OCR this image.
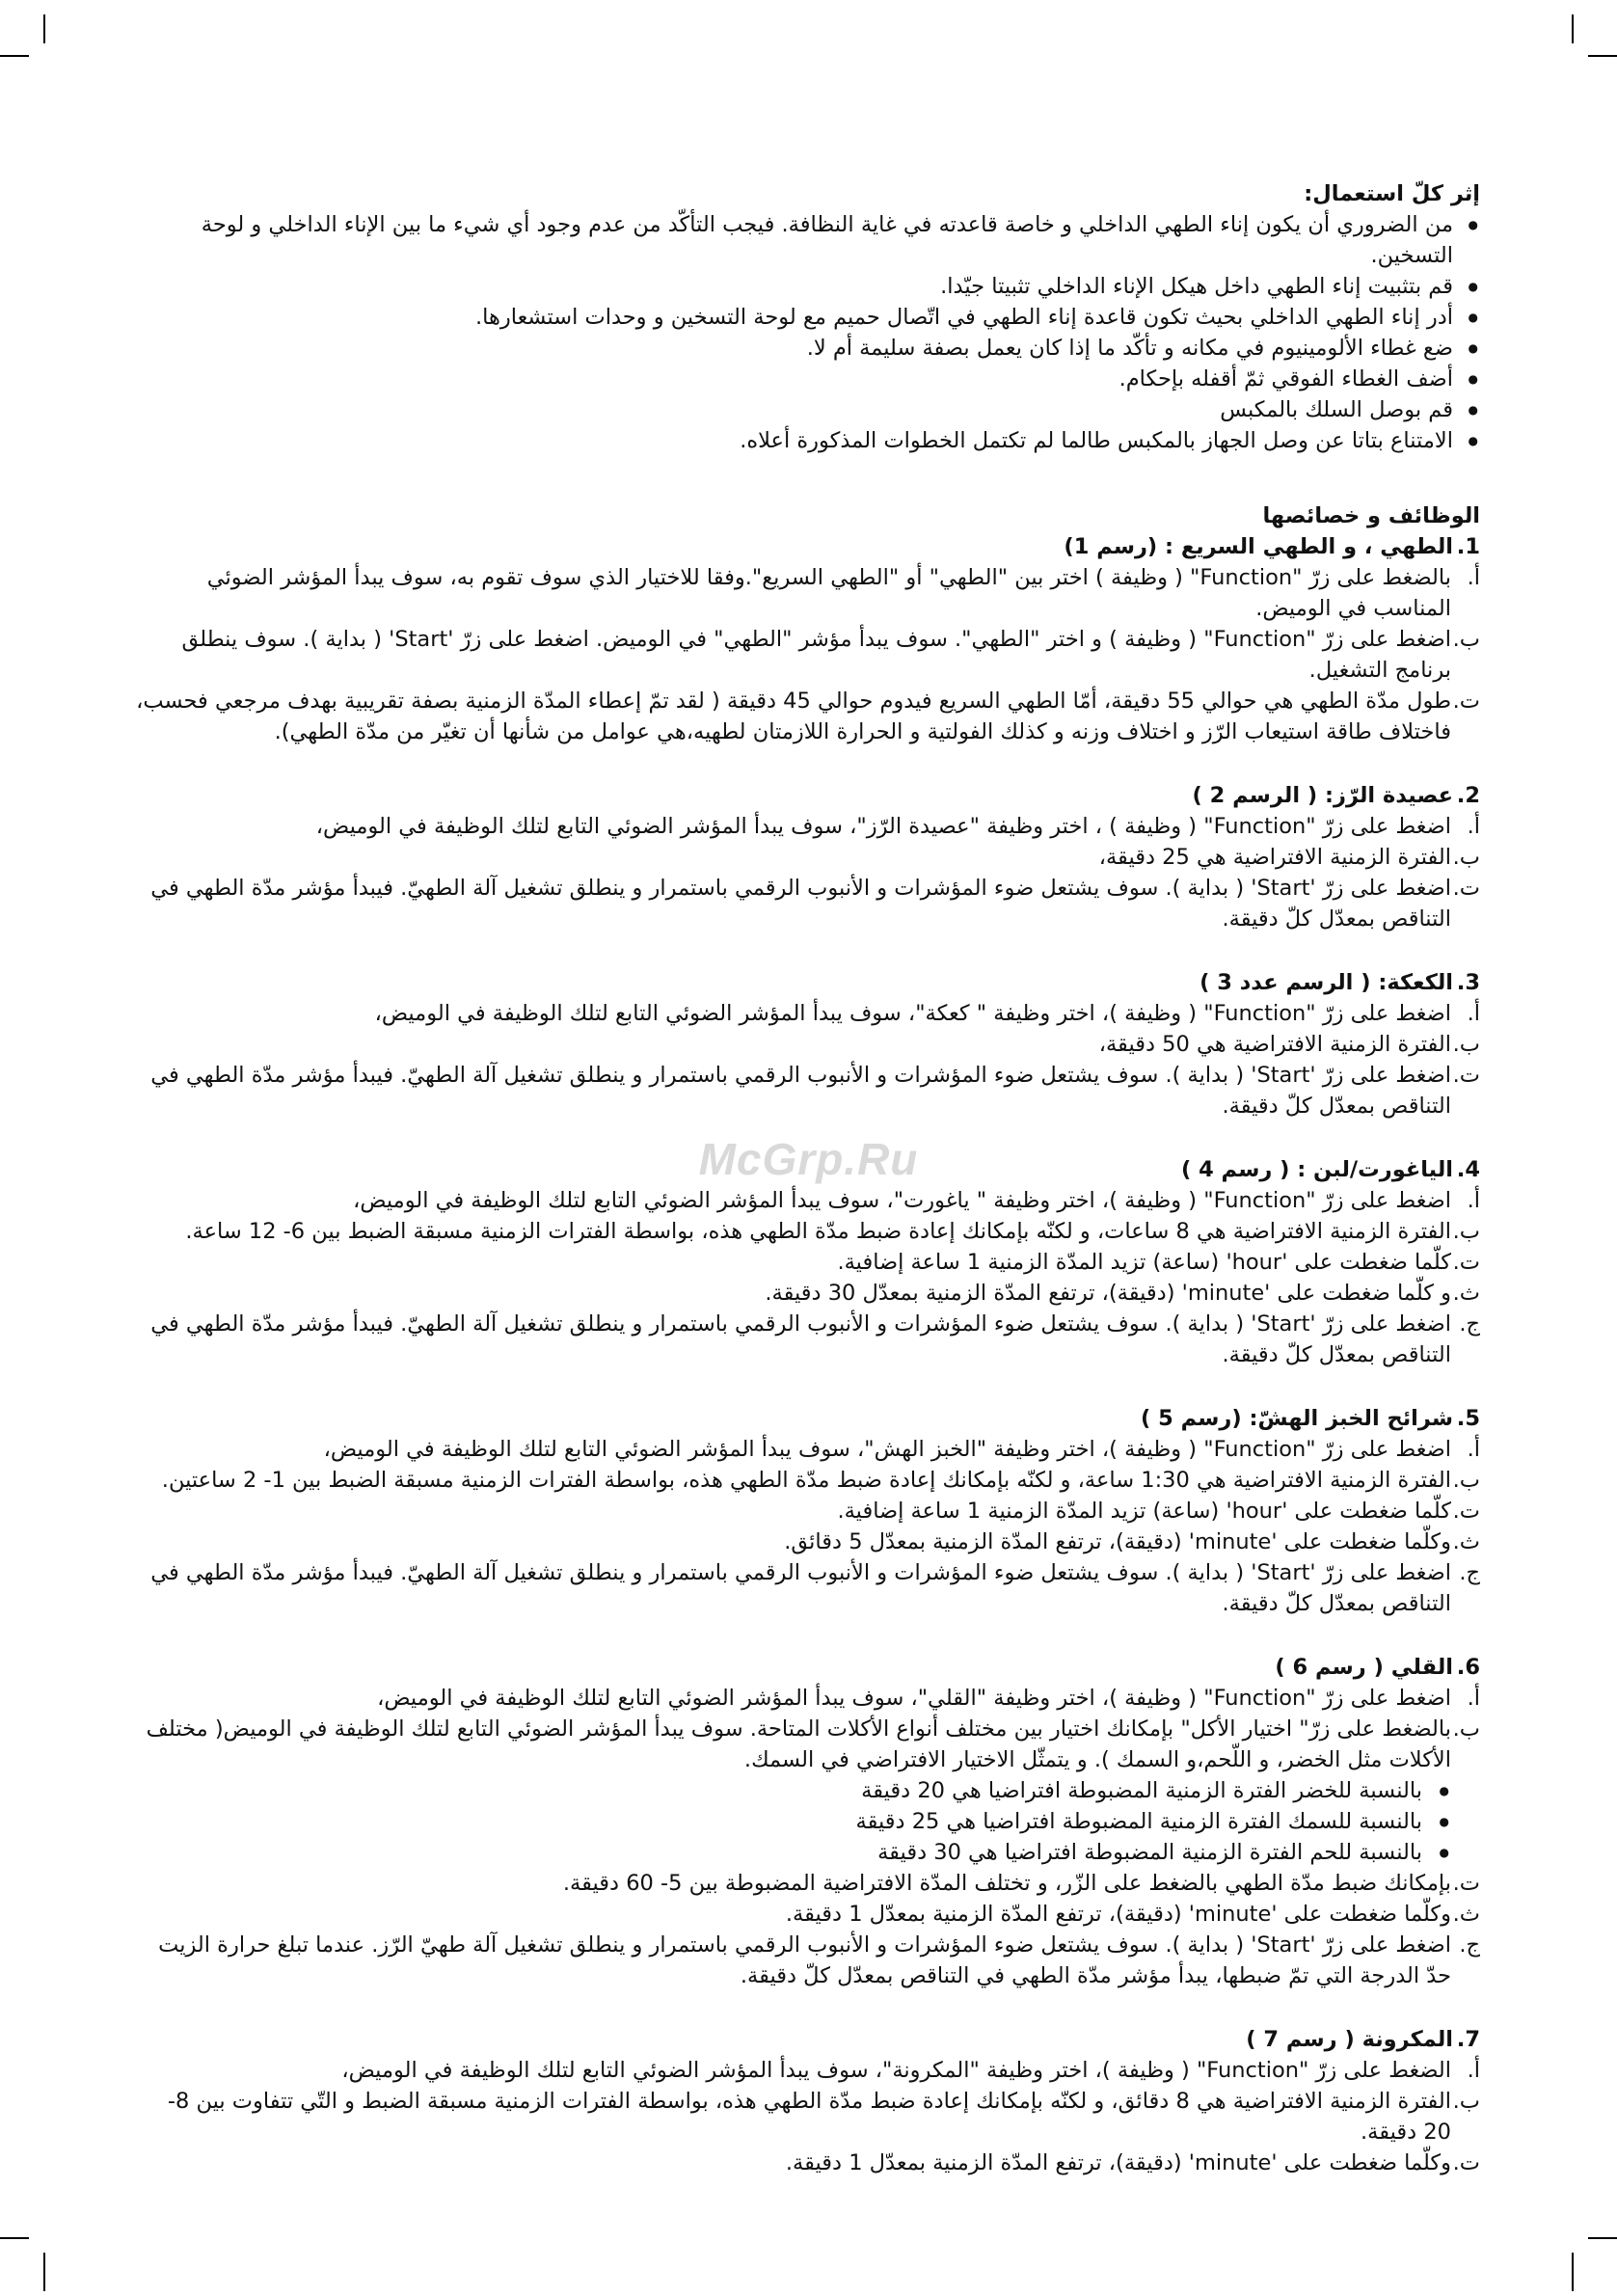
McGrp.Ru

إثر كلّ استعمال:

● من الضروري أن يكون إناء الطهي الداخلي و خاصة قاعدته في غاية النظافة. فيجب التأكّد من عدم وجود أي شيء ما بين الإناء الداخلي و لوحة التسخين.
● قم بتثبيت إناء الطهي داخل هيكل الإناء الداخلي تثبيتا جيّدا.
● أدر إناء الطهي الداخلي بحيث تكون قاعدة إناء الطهي في اتّصال حميم مع لوحة التسخين و وحدات استشعارها.
● ضع غطاء الألومينيوم في مكانه و تأكّد ما إذا كان يعمل بصفة سليمة أم لا.
● أضف الغطاء الفوقي ثمّ أقفله بإحكام.
● قم بوصل السلك بالمكبس
● الامتناع بتاتا عن وصل الجهاز بالمكبس طالما لم تكتمل الخطوات المذكورة أعلاه.

الوظائف و خصائصها

1.
الطهي ، و الطهي السريع : (رسم 1)
أ.
بالضغط على زرّ "Function" ( وظيفة ) اختر بين "الطهي" أو "الطهي السريع".وفقا للاختيار الذي سوف تقوم به، سوف يبدأ المؤشر الضوئي المناسب في الوميض.
ب.
اضغط على زرّ "Function" ( وظيفة ) و اختر "الطهي". سوف يبدأ مؤشر "الطهي" في الوميض. اضغط على زرّ 'Start' ( بداية ). سوف ينطلق برنامج التشغيل.
ت.
طول مدّة الطهي هي حوالي 55 دقيقة، أمّا الطهي السريع فيدوم حوالي 45 دقيقة ( لقد تمّ إعطاء المدّة الزمنية بصفة تقريبية بهدف مرجعي فحسب، فاختلاف طاقة استيعاب الرّز و اختلاف وزنه و كذلك الفولتية و الحرارة اللازمتان لطهيه،هي عوامل من شأنها أن تغيّر من مدّة الطهي).
2.
عصيدة الرّز: ( الرسم 2 )
أ.
اضغط على زرّ "Function" ( وظيفة ) ، اختر وظيفة "عصيدة الرّز"، سوف يبدأ المؤشر الضوئي التابع لتلك الوظيفة في الوميض،
ب.
الفترة الزمنية الافتراضية هي 25 دقيقة،
ت.
اضغط على زرّ 'Start' ( بداية ). سوف يشتعل ضوء المؤشرات و الأنبوب الرقمي باستمرار و ينطلق تشغيل آلة الطهيّ. فيبدأ مؤشر مدّة الطهي في التناقص بمعدّل كلّ دقيقة.
3.
الكعكة: ( الرسم عدد 3 )
أ.
اضغط على زرّ "Function" ( وظيفة )، اختر وظيفة " كعكة"، سوف يبدأ المؤشر الضوئي التابع لتلك الوظيفة في الوميض،
ب.
الفترة الزمنية الافتراضية هي 50 دقيقة،
ت.
اضغط على زرّ 'Start' ( بداية ). سوف يشتعل ضوء المؤشرات و الأنبوب الرقمي باستمرار و ينطلق تشغيل آلة الطهيّ. فيبدأ مؤشر مدّة الطهي في التناقص بمعدّل كلّ دقيقة.
4.
الياغورت/لبن : ( رسم 4 )
أ.
اضغط على زرّ "Function" ( وظيفة )، اختر وظيفة " ياغورت"، سوف يبدأ المؤشر الضوئي التابع لتلك الوظيفة في الوميض،
ب.
الفترة الزمنية الافتراضية هي 8 ساعات، و لكنّه بإمكانك إعادة ضبط مدّة الطهي هذه، بواسطة الفترات الزمنية مسبقة الضبط بين 6- 12 ساعة.
ت.
كلّما ضغطت على 'hour' (ساعة) تزيد المدّة الزمنية 1 ساعة إضافية.
ث.
و كلّما ضغطت على 'minute' (دقيقة)، ترتفع المدّة الزمنية بمعدّل 30 دقيقة.
ج.
اضغط على زرّ 'Start' ( بداية ). سوف يشتعل ضوء المؤشرات و الأنبوب الرقمي باستمرار و ينطلق تشغيل آلة الطهيّ. فيبدأ مؤشر مدّة الطهي في التناقص بمعدّل كلّ دقيقة.
5.
شرائح الخبز الهشّ: (رسم 5 )
أ.
اضغط على زرّ "Function" ( وظيفة )، اختر وظيفة "الخبز الهش"، سوف يبدأ المؤشر الضوئي التابع لتلك الوظيفة في الوميض،
ب.
الفترة الزمنية الافتراضية هي 1:30 ساعة، و لكنّه بإمكانك إعادة ضبط مدّة الطهي هذه، بواسطة الفترات الزمنية مسبقة الضبط بين 1- 2 ساعتين.
ت.
كلّما ضغطت على 'hour' (ساعة) تزيد المدّة الزمنية 1 ساعة إضافية.
ث.
وكلّما ضغطت على 'minute' (دقيقة)، ترتفع المدّة الزمنية بمعدّل 5 دقائق.
ج.
اضغط على زرّ 'Start' ( بداية ). سوف يشتعل ضوء المؤشرات و الأنبوب الرقمي باستمرار و ينطلق تشغيل آلة الطهيّ. فيبدأ مؤشر مدّة الطهي في التناقص بمعدّل كلّ دقيقة.
6.
القلي ( رسم 6 )
أ.
اضغط على زرّ "Function" ( وظيفة )، اختر وظيفة "القلي"، سوف يبدأ المؤشر الضوئي التابع لتلك الوظيفة في الوميض،
ب.
بالضغط على زرّ" اختيار الأكل" بإمكانك اختيار بين مختلف أنواع الأكلات المتاحة. سوف يبدأ المؤشر الضوئي التابع لتلك الوظيفة في الوميض( مختلف الأكلات مثل الخضر، و اللّحم،و السمك ). و يتمثّل الاختيار الافتراضي في السمك.
● بالنسبة للخضر الفترة الزمنية المضبوطة افتراضيا هي 20 دقيقة
● بالنسبة للسمك الفترة الزمنية المضبوطة افتراضيا هي 25 دقيقة
● بالنسبة للحم الفترة الزمنية المضبوطة افتراضيا هي 30 دقيقة
ت.
بإمكانك ضبط مدّة الطهي بالضغط على الزّر، و تختلف المدّة الافتراضية المضبوطة بين 5- 60 دقيقة.
ث.
وكلّما ضغطت على 'minute' (دقيقة)، ترتفع المدّة الزمنية بمعدّل 1 دقيقة.
ج.
اضغط على زرّ 'Start' ( بداية ). سوف يشتعل ضوء المؤشرات و الأنبوب الرقمي باستمرار و ينطلق تشغيل آلة طهيّ الرّز. عندما تبلغ حرارة الزيت حدّ الدرجة التي تمّ ضبطها، يبدأ مؤشر مدّة الطهي في التناقص بمعدّل كلّ دقيقة.
7.
المكرونة ( رسم 7 )
أ.
الضغط على زرّ "Function" ( وظيفة )، اختر وظيفة "المكرونة"، سوف يبدأ المؤشر الضوئي التابع لتلك الوظيفة في الوميض،
ب.
الفترة الزمنية الافتراضية هي 8 دقائق، و لكنّه بإمكانك إعادة ضبط مدّة الطهي هذه، بواسطة الفترات الزمنية مسبقة الضبط و التّي تتفاوت بين 8- 20 دقيقة.
ت.
وكلّما ضغطت على 'minute' (دقيقة)، ترتفع المدّة الزمنية بمعدّل 1 دقيقة.
